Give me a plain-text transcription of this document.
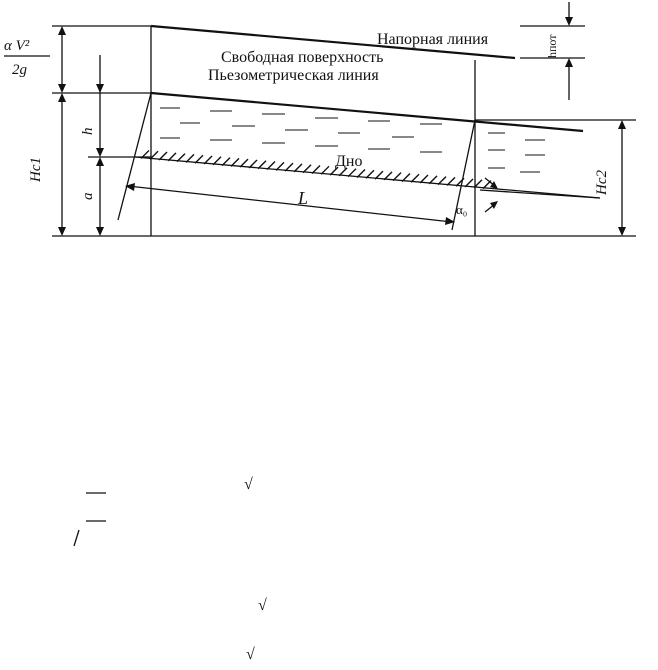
Напорная линия
Свободная поверхность
Пьезометрическая линия
Дно
α V²
2g
hпот
h
a
Hc1
Hc2
L
α₀
√
√
√
